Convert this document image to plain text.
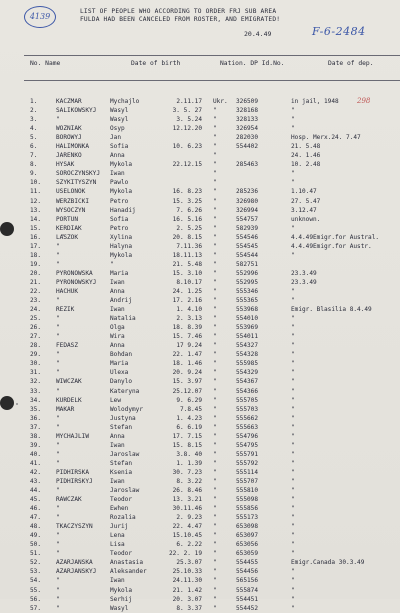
4139
LIST OF PEOPLE WHO ACCORDING TO ORDER FRJ SUB AREA
FULDA HAD BEEN CANCELED FROM ROSTER, AND EMIGRATED!
20.4.49	F-6-2484
No. Name	Date of birth	Nation. DP Id.No.	Date of dep.
298
1.	KACZMAR	Mychajlo	2.11.17 Ukr. 326509	in jail, 1948
2.	SALIKOWSKYJ	Wasyl	3. 5. 27 "	328168	"
3.	"	Wasyl	3. 5.24 "	328133	"
4.	WOZNIAK	Osyp	12.12.20 "	326954	"
5.	BOROWYJ	Jan	"	282030	Hosp. Merx.24. 7.47
6.	HALIMONKA	Sofia	10. 6.23 "	554402	21. 5.48
7.	JARENKO	Anna	"	24. 1.46
8.	HYSAK	Mykola	22.12.15 "	285463	10. 2.48
9.	SOROCZYNSKYJ	Iwan	"	"
10. SZYKITYSZYN	Pawlo	"	"
11. USELONOK	Mykola	16. 8.23 "	285236	1.10.47
12. WERZBICKI	Petro	15. 3.25 "	326980	27. 5.47
13. WYSOCZYN	Hanadij	7. 6.26 "	326994	3.12.47
14. PORTUN	Sofia	16. 5.16 "	554757	unknown.
15. KERDIAK	Petro	2. 5.25 "	582939	"
16. LASZOK	Xylina	20. 8.15 "	554546	4.4.49Emigr.for Austral.
17. "	Halyna	7.11.36 "	554545	4.4.49Emigr.for Austr.
18. "	Mykola	18.11.13 "	554544	"
19. "	"	21. 5.48 "	582751
20. PYRONOWSKA	Maria	15. 3.10 "	552996	23.3.49
21. PYRONOWSKYJ	Iwan	8.10.17 "	552995	23.3.49
22. HACHUK	Anna	24. 1.25 "	555346	"
23. "	Andrij	17. 2.16 "	555365	"
24. REZIK	Iwan	1. 4.10 "	553968	Emigr. Blasilia 8.4.49
25. "	Natalia	2. 3.13 "	554010	"
26. "	Olga	18. 8.39 "	553969	"
27. "	Wira	15. 7.46 "	554011	"
28. FEDASZ	Anna	17 9.24 "	554327	"
29. "	Bohdan	22. 1.47 "	554328	"
30. "	Maria	18. 1.46 "	555985	"
31. "	Ulexa	20. 9.24 "	554329	"
32. WIWCZAK	Danylo	15. 3.97 "	554367	"
33. "	Kateryna	25.12.07 "	554366	"
34. KURDELK	Lew	9. 6.29 "	555705	"
35. MAKAR	Wolodymyr	7.8.45 "	555703	"
36. "	Justyna	1. 4.23 "	555662	"
37. "	Stefan	6. 6.19 "	555663	"
38. MYCHAJLIW	Anna	17. 7.15 "	554796	"
39. "	Iwan	15. 8.15 "	554795	"
40. "	Jaroslaw	3.8. 40 "	555791	"
41. "	Stefan	1. 1.39 "	555792	"
42. PIDHIRSKA	Ksenia	30. 7.23 "	555114	"
43. PIDHIRSKYJ	Iwan	8. 3.22 "	555707	"
44. "	Jaroslaw	26. 8.46 "	555810	"
45. RAWCZAK	Teodor	13. 3.21 "	555098	"
46. "	Ewhen	30.11.46 "	555856	"
47. "	Rozalia	2. 9.23 "	555173	"
48. TKACZYSZYN	Jurij	22. 4.47 "	653098	"
49. "	Lena	15.10.45 "	653097	"
50. "	Lisa	6. 2.22 "	653056	"
51. "	Teodor	22. 2. 19 "	653059	"
52. AZARJANSKA	Anastasia	25.3.07 "	554455	Emigr.Canada 30.3.49
53. AZARJANSKYJ	Aleksander	25.10.33 "	554456	"
54. "	Iwan	24.11.30 "	565156	"
55. "	Mykola	21. 1.42 "	555874	"
56. "	Serhij	20. 3.07 "	554451	"
57. "	Wasyl	8. 3.37 "	554452	"
